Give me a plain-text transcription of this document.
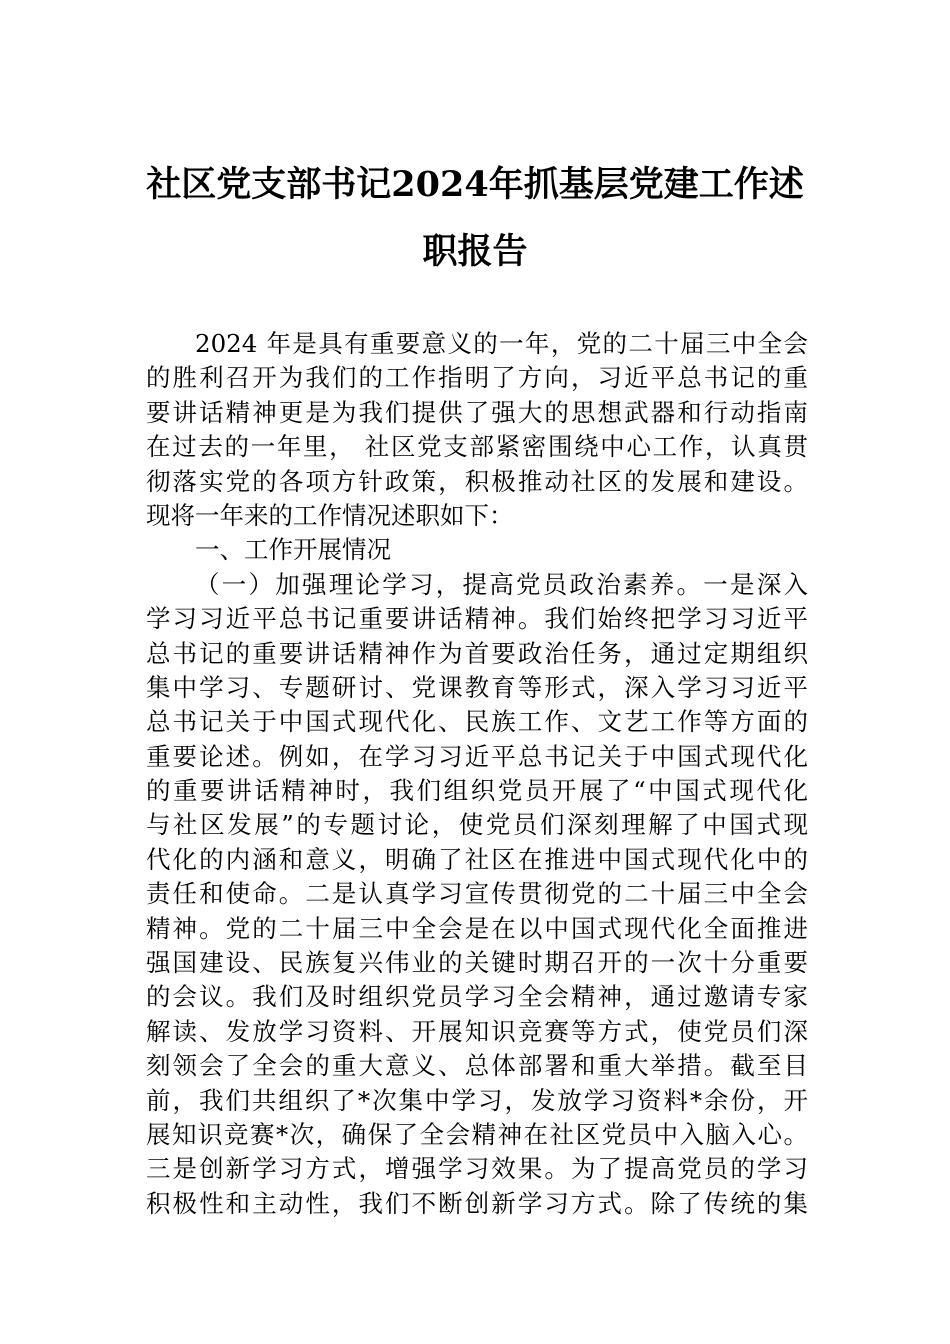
社区党支部书记2024年抓基层党建工作述
职报告
2024 年是具有重要意义的一年，党的二十届三中全会
的胜利召开为我们的工作指明了方向，习近平总书记的重
要讲话精神更是为我们提供了强大的思想武器和行动指南
在过去的一年里， 社区党支部紧密围绕中心工作，认真贯
彻落实党的各项方针政策，积极推动社区的发展和建设。
现将一年来的工作情况述职如下：
一、工作开展情况
（一）加强理论学习，提高党员政治素养。一是深入
学习习近平总书记重要讲话精神。我们始终把学习习近平
总书记的重要讲话精神作为首要政治任务，通过定期组织
集中学习、专题研讨、党课教育等形式，深入学习习近平
总书记关于中国式现代化、民族工作、文艺工作等方面的
重要论述。例如，在学习习近平总书记关于中国式现代化
的重要讲话精神时，我们组织党员开展了“中国式现代化
与社区发展”的专题讨论，使党员们深刻理解了中国式现
代化的内涵和意义，明确了社区在推进中国式现代化中的
责任和使命。二是认真学习宣传贯彻党的二十届三中全会
精神。党的二十届三中全会是在以中国式现代化全面推进
强国建设、民族复兴伟业的关键时期召开的一次十分重要
的会议。我们及时组织党员学习全会精神，通过邀请专家
解读、发放学习资料、开展知识竞赛等方式，使党员们深
刻领会了全会的重大意义、总体部署和重大举措。截至目
前，我们共组织了*次集中学习，发放学习资料*余份，开
展知识竞赛*次，确保了全会精神在社区党员中入脑入心。
三是创新学习方式，增强学习效果。为了提高党员的学习
积极性和主动性，我们不断创新学习方式。除了传统的集
